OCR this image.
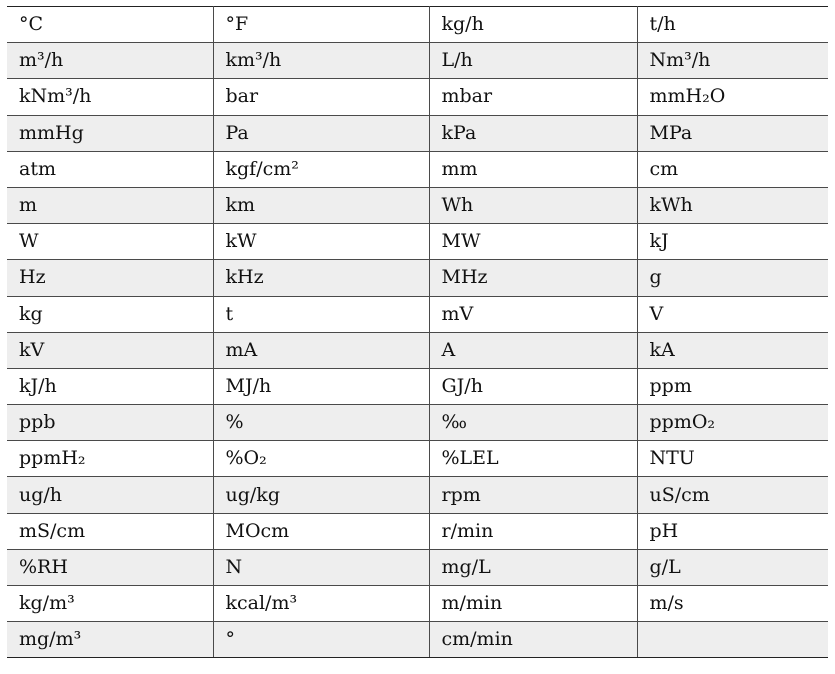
°C	°F	kg/h	t/h
m³/h	km³/h	L/h	Nm³/h
kNm³/h	bar	mbar	mmH₂O
mmHg	Pa	kPa	MPa
atm	kgf/cm²	mm	cm
m	km	Wh	kWh
W	kW	MW	kJ
Hz	kHz	MHz	g
kg	t	mV	V
kV	mA	A	kA
kJ/h	MJ/h	GJ/h	ppm
ppb	%	‰	ppmO₂
ppmH₂	%O₂	%LEL	NTU
ug/h	ug/kg	rpm	uS/cm
mS/cm	MOcm	r/min	pH
%RH	N	mg/L	g/L
kg/m³	kcal/m³	m/min	m/s
mg/m³	°	cm/min	
